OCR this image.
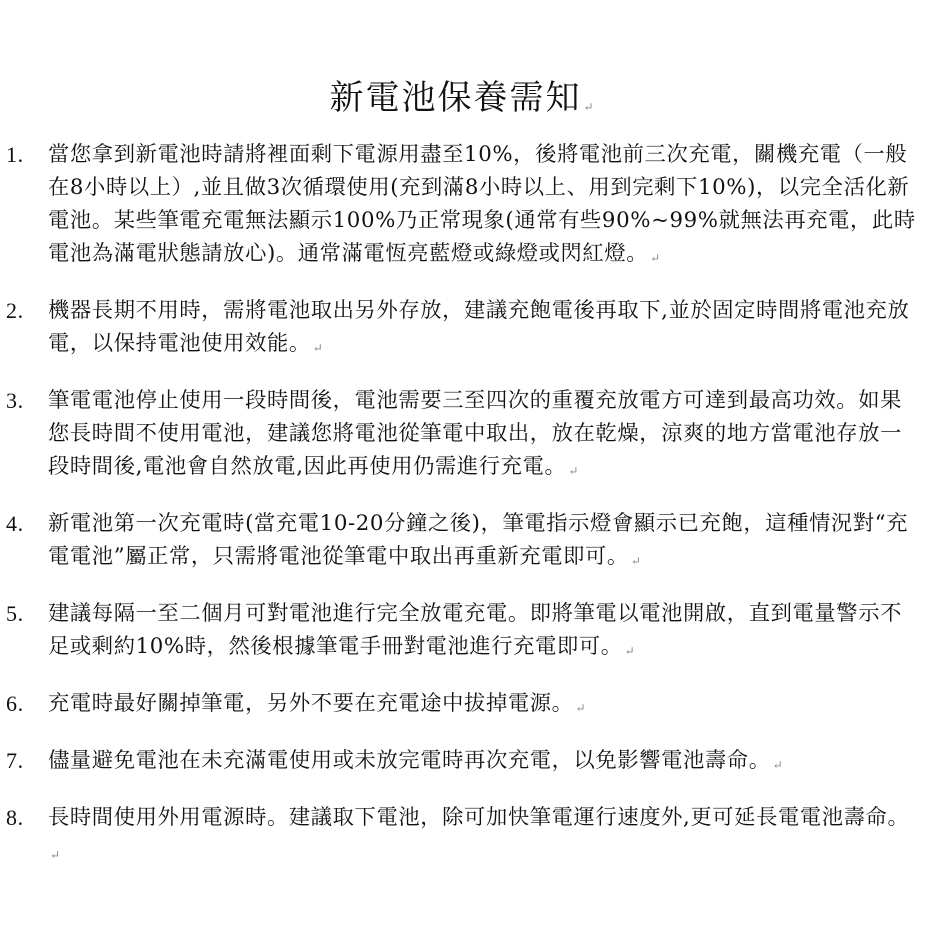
新電池保養需知 ↵
1. 當您拿到新電池時請將裡面剩下電源用盡至10%，後將電池前三次充電，關機充電（一般在8小時以上）,並且做3次循環使用(充到滿8小時以上、用到完剩下10%)，以完全活化新電池。某些筆電充電無法顯示100%乃正常現象(通常有些90%~99%就無法再充電，此時電池為滿電狀態請放心)。通常滿電恆亮藍燈或綠燈或閃紅燈。 ↵
2. 機器長期不用時，需將電池取出另外存放，建議充飽電後再取下,並於固定時間將電池充放電，以保持電池使用效能。 ↵
3. 筆電電池停止使用一段時間後，電池需要三至四次的重覆充放電方可達到最高功效。如果您長時間不使用電池，建議您將電池從筆電中取出，放在乾燥，涼爽的地方當電池存放一段時間後,電池會自然放電,因此再使用仍需進行充電。 ↵
4. 新電池第一次充電時(當充電10-20分鐘之後)，筆電指示燈會顯示已充飽，這種情況對“充電電池”屬正常，只需將電池從筆電中取出再重新充電即可。 ↵
5. 建議每隔一至二個月可對電池進行完全放電充電。即將筆電以電池開啟，直到電量警示不足或剩約10%時，然後根據筆電手冊對電池進行充電即可。 ↵
6. 充電時最好關掉筆電，另外不要在充電途中拔掉電源。 ↵
7. 儘量避免電池在未充滿電使用或未放完電時再次充電，以免影響電池壽命。 ↵
8. 長時間使用外用電源時。建議取下電池，除可加快筆電運行速度外,更可延長電電池壽命。↵
